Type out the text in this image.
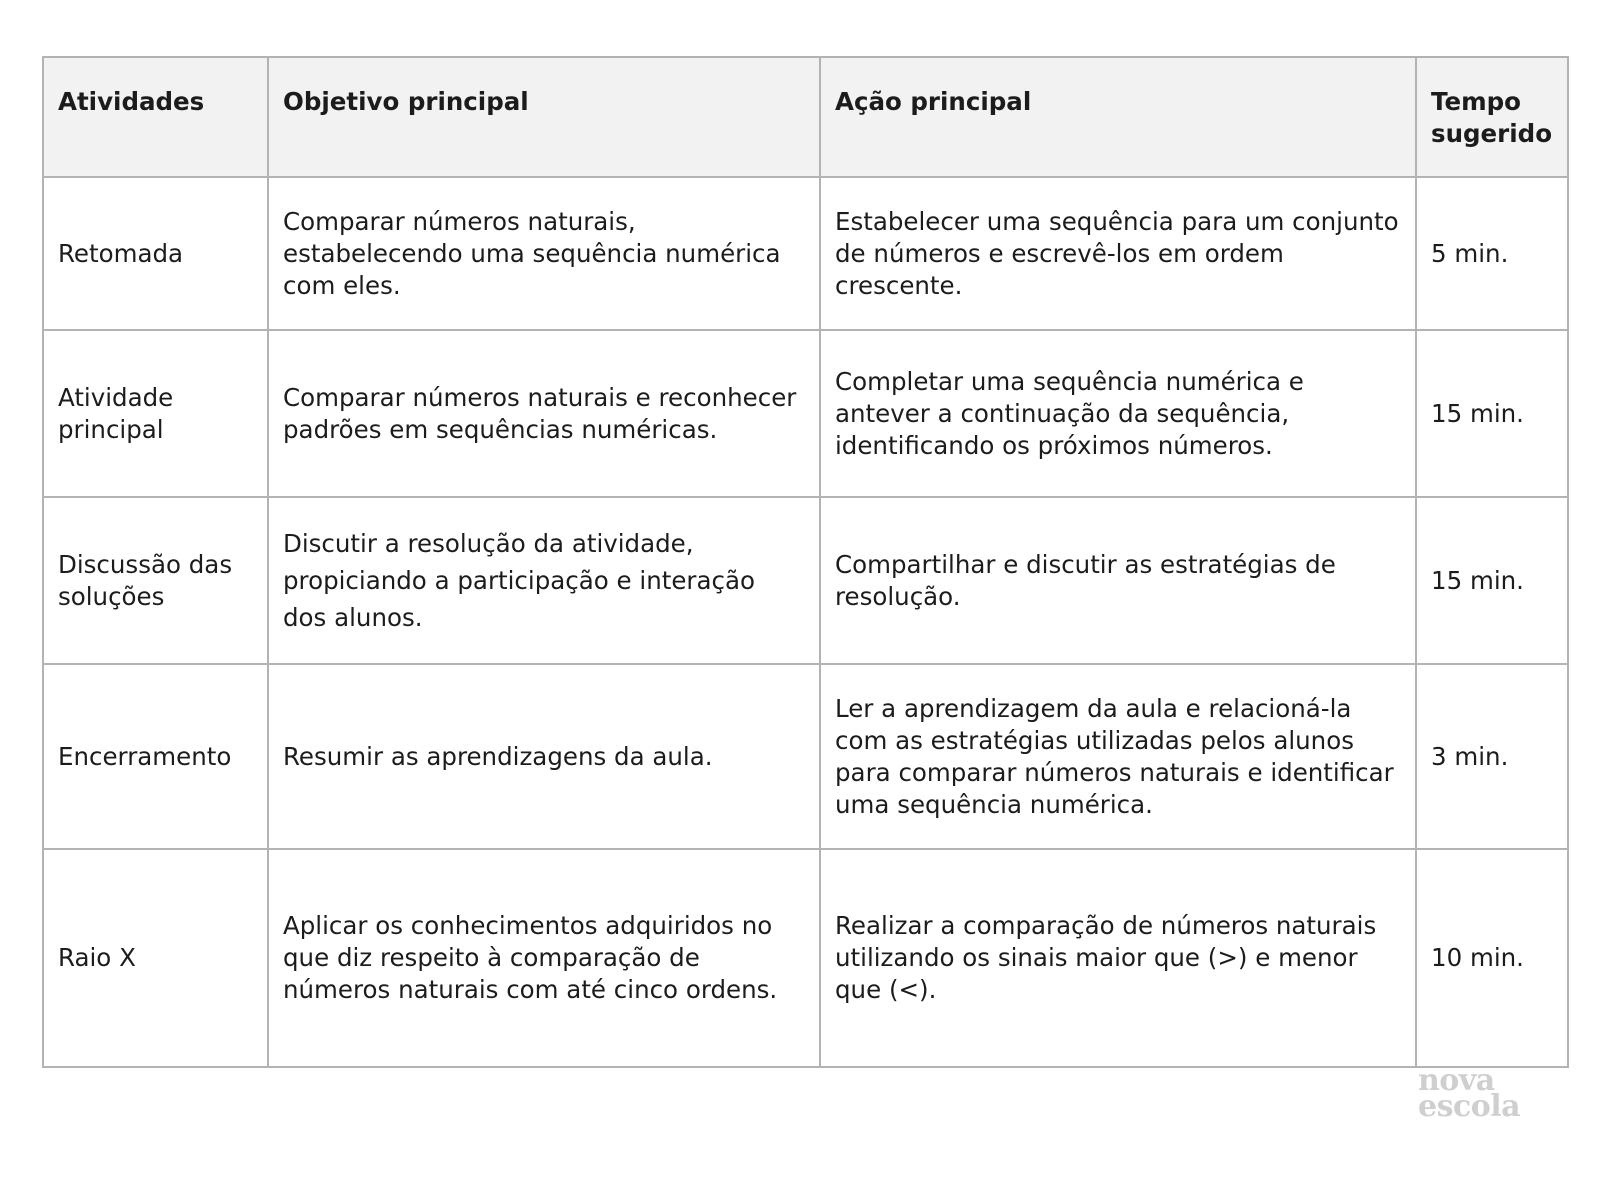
Atividades	Objetivo principal	Ação principal	Tempo sugerido
Retomada	Comparar números naturais, estabelecendo uma sequência numérica com eles.	Estabelecer uma sequência para um conjunto de números e escrevê-los em ordem crescente.	5 min.
Atividade principal	Comparar números naturais e reconhecer padrões em sequências numéricas.	Completar uma sequência numérica e antever a continuação da sequência, identificando os próximos números.	15 min.
Discussão das soluções	Discutir a resolução da atividade, propiciando a participação e interação dos alunos.	Compartilhar e discutir as estratégias de resolução.	15 min.
Encerramento	Resumir as aprendizagens da aula.	Ler a aprendizagem da aula e relacioná-la com as estratégias utilizadas pelos alunos para comparar números naturais e identificar uma sequência numérica.	3 min.
Raio X	Aplicar os conhecimentos adquiridos no que diz respeito à comparação de números naturais com até cinco ordens.	Realizar a comparação de números naturais utilizando os sinais maior que (>) e menor que (<).	10 min.
nova
escola
